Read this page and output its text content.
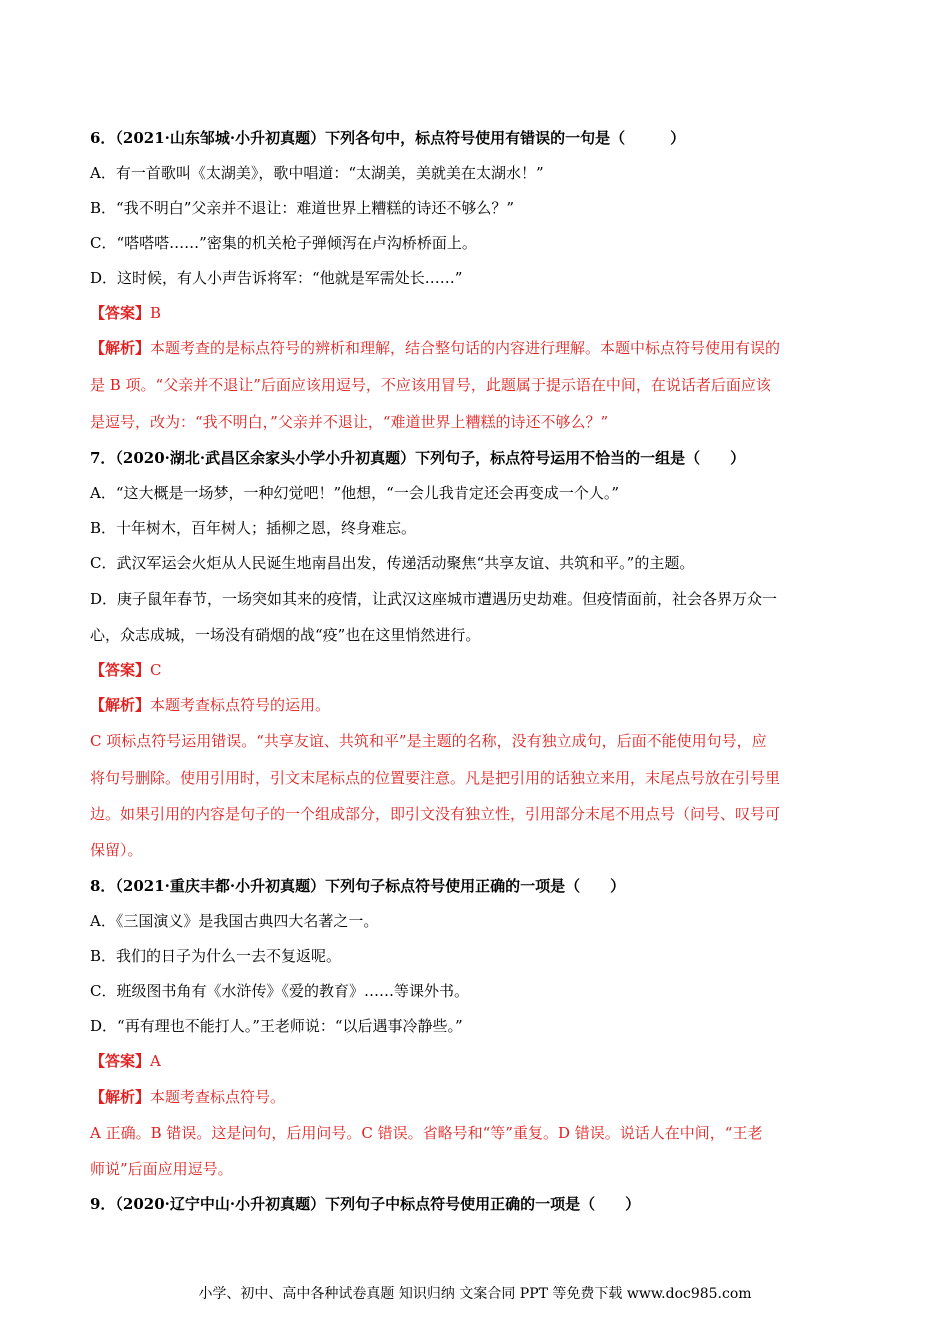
6．（2021·山东邹城·小升初真题）下列各句中，标点符号使用有错误的一句是（　　　）
A．有一首歌叫《太湖美》，歌中唱道：“太湖美，美就美在太湖水！”
B．“我不明白”父亲并不退让：难道世界上糟糕的诗还不够么？”
C．“嗒嗒嗒……”密集的机关枪子弹倾泻在卢沟桥桥面上。
D．这时候，有人小声告诉将军：“他就是军需处长……”
【答案】B
【解析】本题考查的是标点符号的辨析和理解，结合整句话的内容进行理解。本题中标点符号使用有误的
是 B 项。“父亲并不退让”后面应该用逗号，不应该用冒号，此题属于提示语在中间，在说话者后面应该
是逗号，改为：“我不明白，”父亲并不退让，“难道世界上糟糕的诗还不够么？”
7．（2020·湖北·武昌区余家头小学小升初真题）下列句子，标点符号运用不恰当的一组是（　　）
A．“这大概是一场梦，一种幻觉吧！”他想，“一会儿我肯定还会再变成一个人。”
B．十年树木，百年树人；插柳之恩，终身难忘。
C．武汉军运会火炬从人民诞生地南昌出发，传递活动聚焦“共享友谊、共筑和平。”的主题。
D．庚子鼠年春节，一场突如其来的疫情，让武汉这座城市遭遇历史劫难。但疫情面前，社会各界万众一
心，众志成城，一场没有硝烟的战“疫”也在这里悄然进行。
【答案】C
【解析】本题考查标点符号的运用。
C 项标点符号运用错误。“共享友谊、共筑和平”是主题的名称，没有独立成句，后面不能使用句号，应
将句号删除。使用引用时，引文末尾标点的位置要注意。凡是把引用的话独立来用，末尾点号放在引号里
边。如果引用的内容是句子的一个组成部分，即引文没有独立性，引用部分末尾不用点号（问号、叹号可
保留）。
8．（2021·重庆丰都·小升初真题）下列句子标点符号使用正确的一项是（　　）
A．《三国演义》是我国古典四大名著之一。
B．我们的日子为什么一去不复返呢。
C．班级图书角有《水浒传》《爱的教育》……等课外书。
D．“再有理也不能打人。”王老师说：“以后遇事冷静些。”
【答案】A
【解析】本题考查标点符号。
A 正确。B 错误。这是问句，后用问号。C 错误。省略号和“等”重复。D 错误。说话人在中间，“王老
师说”后面应用逗号。
9．（2020·辽宁中山·小升初真题）下列句子中标点符号使用正确的一项是（　　）
小学、初中、高中各种试卷真题 知识归纳 文案合同 PPT 等免费下载 www.doc985.com
